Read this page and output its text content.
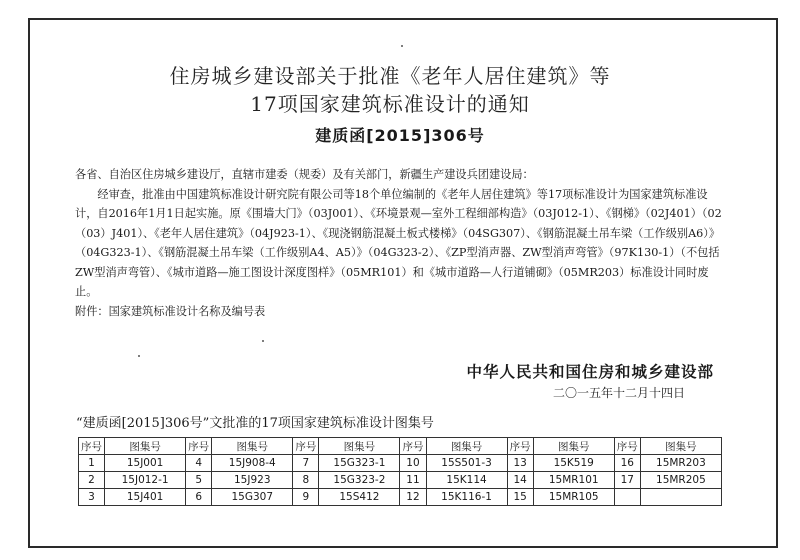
住房城乡建设部关于批准《老年人居住建筑》等
17项国家建筑标准设计的通知
建质函[2015]306号

各省、自治区住房城乡建设厅，直辖市建委（规委）及有关部门，新疆生产建设兵团建设局：

经审查，批准由中国建筑标准设计研究院有限公司等18个单位编制的《老年人居住建筑》等17项标准设计为国家建筑标准设计，自2016年1月1日起实施。原《围墙大门》（03J001）、《环境景观—室外工程细部构造》（03J012-1）、《钢梯》（02J401）（02（03）J401）、《老年人居住建筑》（04J923-1）、《现浇钢筋混凝土板式楼梯》（04SG307）、《钢筋混凝土吊车梁（工作级别A6）》（04G323-1）、《钢筋混凝土吊车梁（工作级别A4、A5）》（04G323-2）、《ZP型消声器、ZW型消声弯管》（97K130-1）（不包括ZW型消声弯管）、《城市道路—施工图设计深度图样》（05MR101）和《城市道路—人行道铺砌》（05MR203）标准设计同时废止。

附件：国家建筑标准设计名称及编号表

中华人民共和国住房和城乡建设部
二〇一五年十二月十四日
“建质函[2015]306号”文批准的17项国家建筑标准设计图集号
序号	图集号	序号	图集号	序号	图集号	序号	图集号	序号	图集号	序号	图集号
1	15J001	4	15J908-4	7	15G323-1	10	15S501-3	13	15K519	16	15MR203
2	15J012-1	5	15J923	8	15G323-2	11	15K114	14	15MR101	17	15MR205
3	15J401	6	15G307	9	15S412	12	15K116-1	15	15MR105		
